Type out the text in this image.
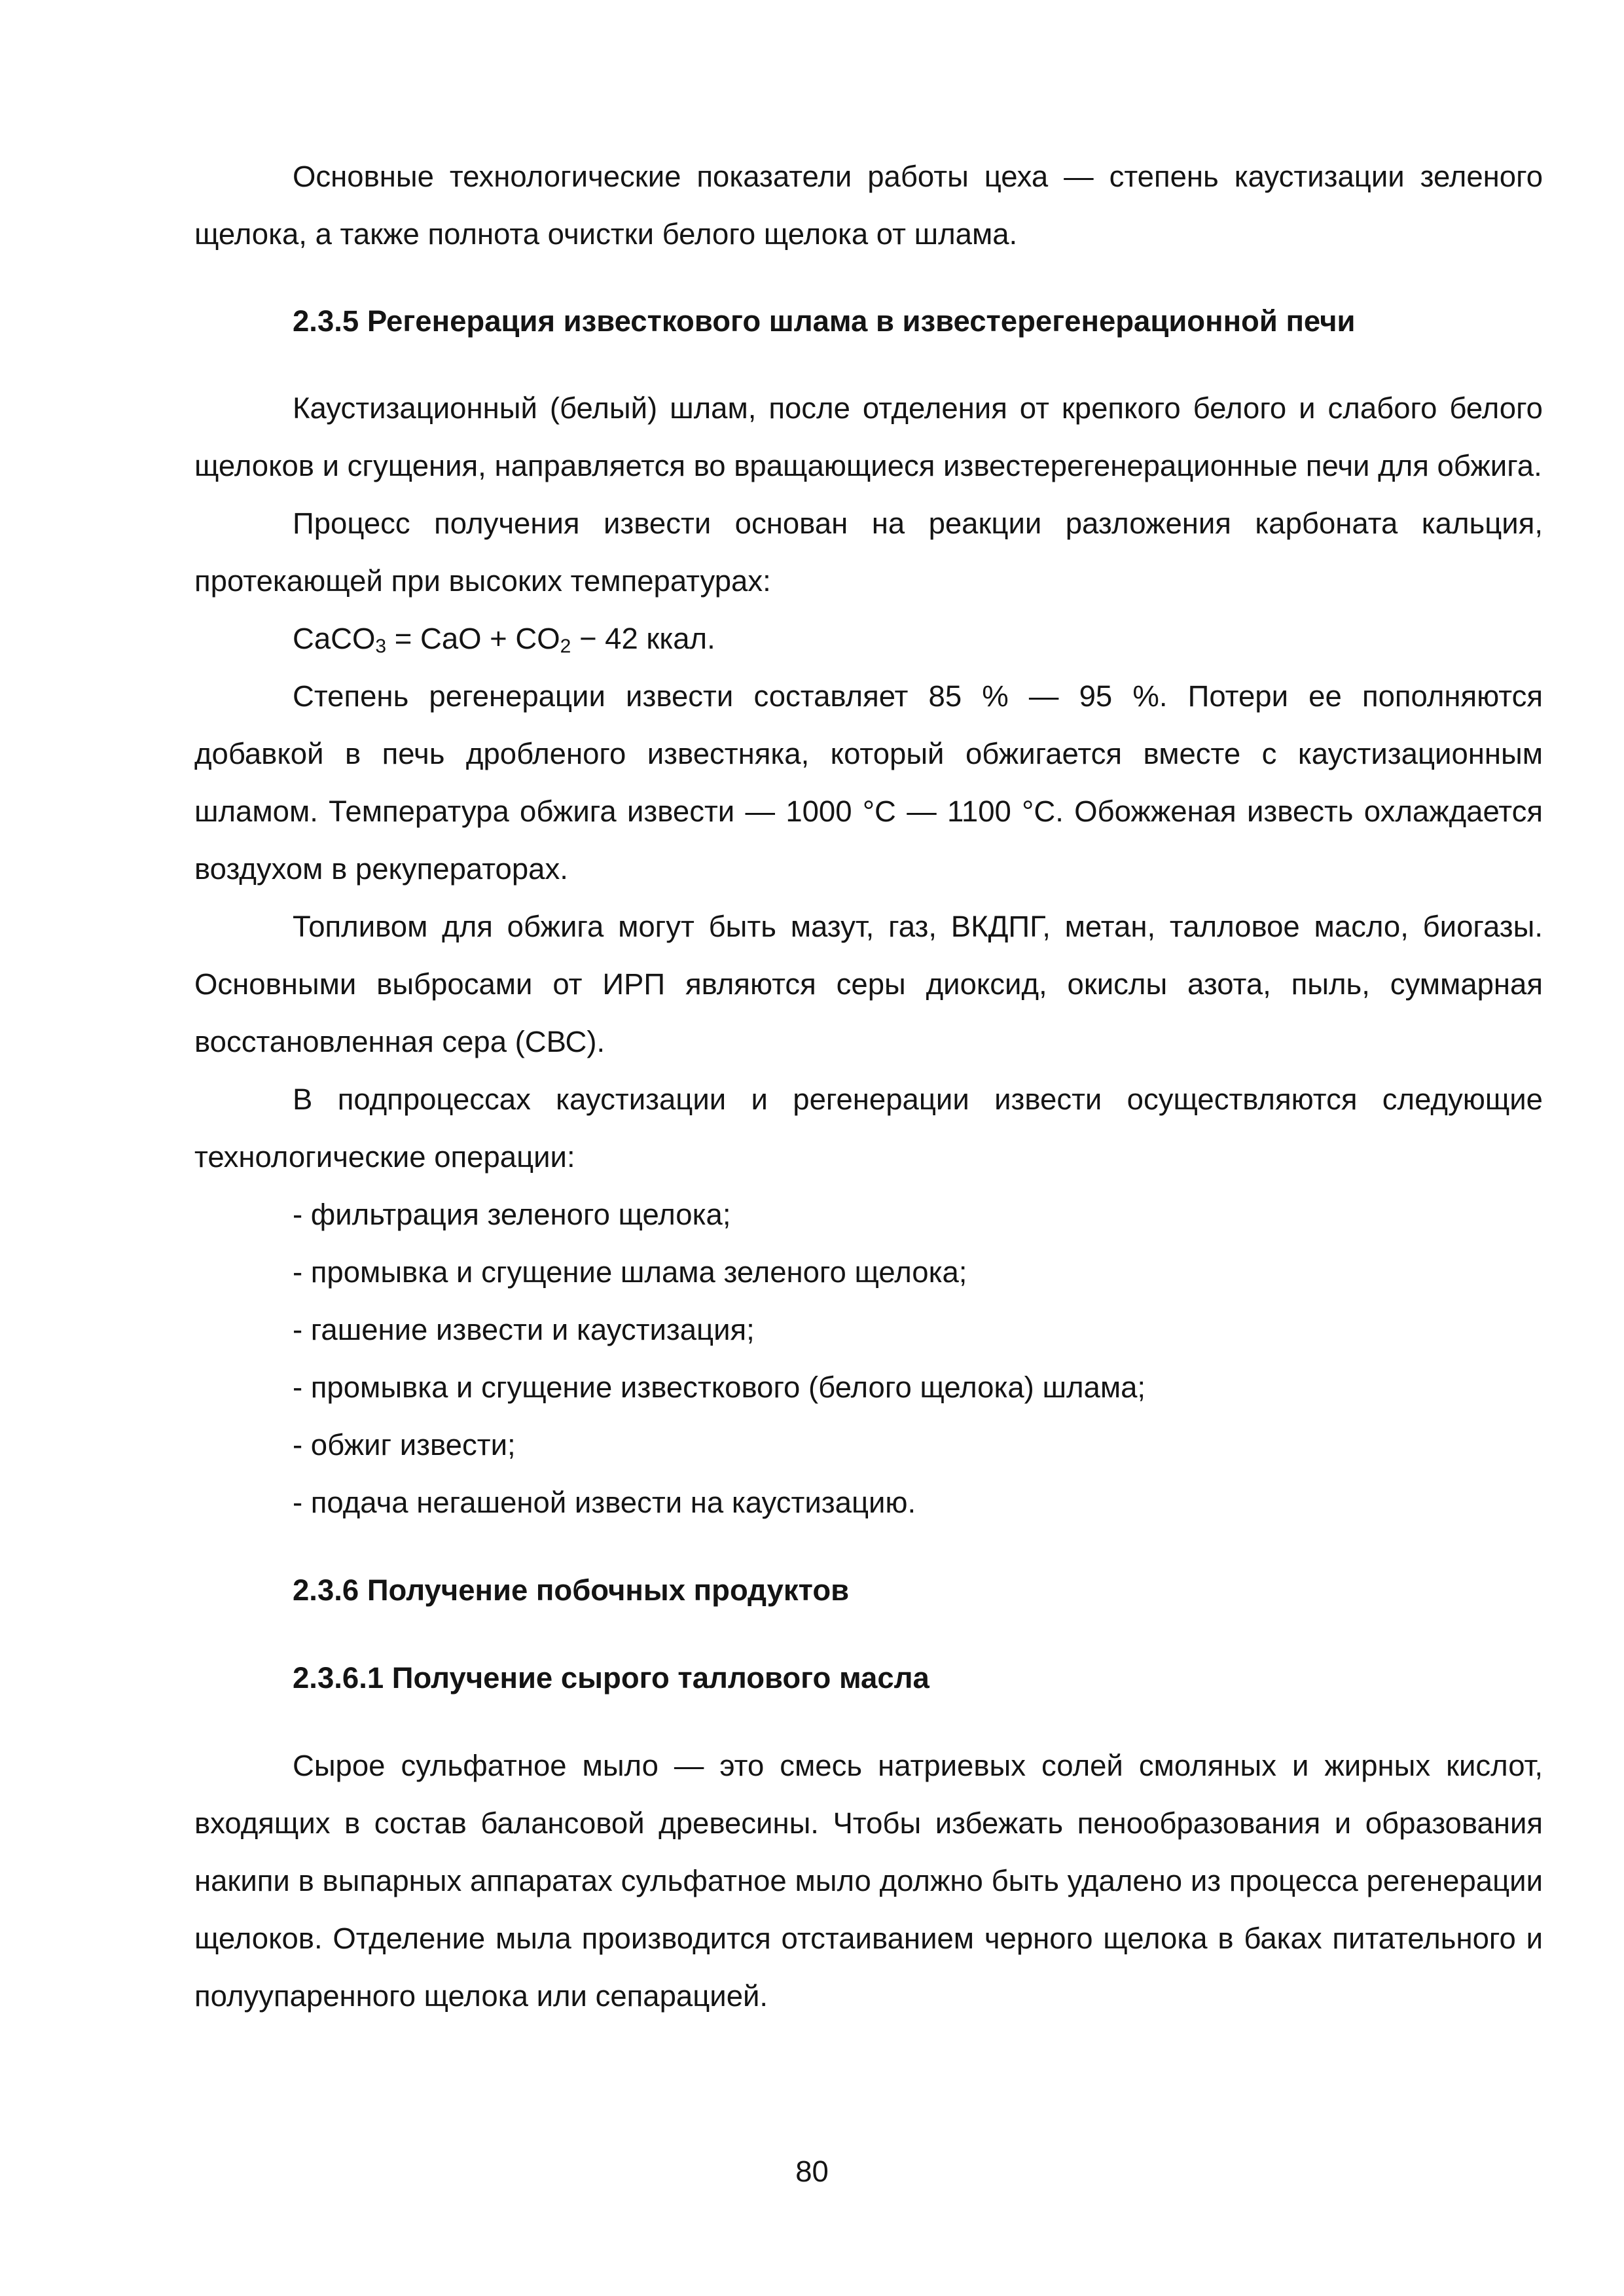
Основные технологические показатели работы цеха — степень каустизации зеленого щелока, а также полнота очистки белого щелока от шлама.

2.3.5 Регенерация известкового шлама в известерегенерационной печи

Каустизационный (белый) шлам, после отделения от крепкого белого и слабого белого щелоков и сгущения, направляется во вращающиеся известерегенерационные печи для обжига.

Процесс получения извести основан на реакции разложения карбоната кальция, протекающей при высоких температурах:

CaCO$_3$ = CaO + $CO_2 - 42$ ккал.

Степень регенерации извести составляет 85 % — 95 %. Потери ее пополняются добавкой в печь дробленого известняка, который обжигается вместе с каустизационным шламом. Температура обжига извести — 1000 °С — 1100 °С. Обожженая известь охлаждается воздухом в рекуператорах.

Топливом для обжига могут быть мазут, газ, ВКДПГ, метан, талловое масло, биогазы. Основными выбросами от ИРП являются серы диоксид, окислы азота, пыль, суммарная восстановленная сера (СВС).

В подпроцессах каустизации и регенерации извести осуществляются следующие технологические операции:

- фильтрация зеленого щелока;

- промывка и сгущение шлама зеленого щелока;

- гашение извести и каустизация;

- промывка и сгущение известкового (белого щелока) шлама;

- обжиг извести;

- подача негашеной извести на каустизацию.

2.3.6 Получение побочных продуктов
2.3.6.1 Получение сырого таллового масла

Сырое сульфатное мыло — это смесь натриевых солей смоляных и жирных кислот, входящих в состав балансовой древесины. Чтобы избежать пенообразования и образования накипи в выпарных аппаратах сульфатное мыло должно быть удалено из процесса регенерации щелоков. Отделение мыла производится отстаиванием черного щелока в баках питательного и полуупаренного щелока или сепарацией.

80
